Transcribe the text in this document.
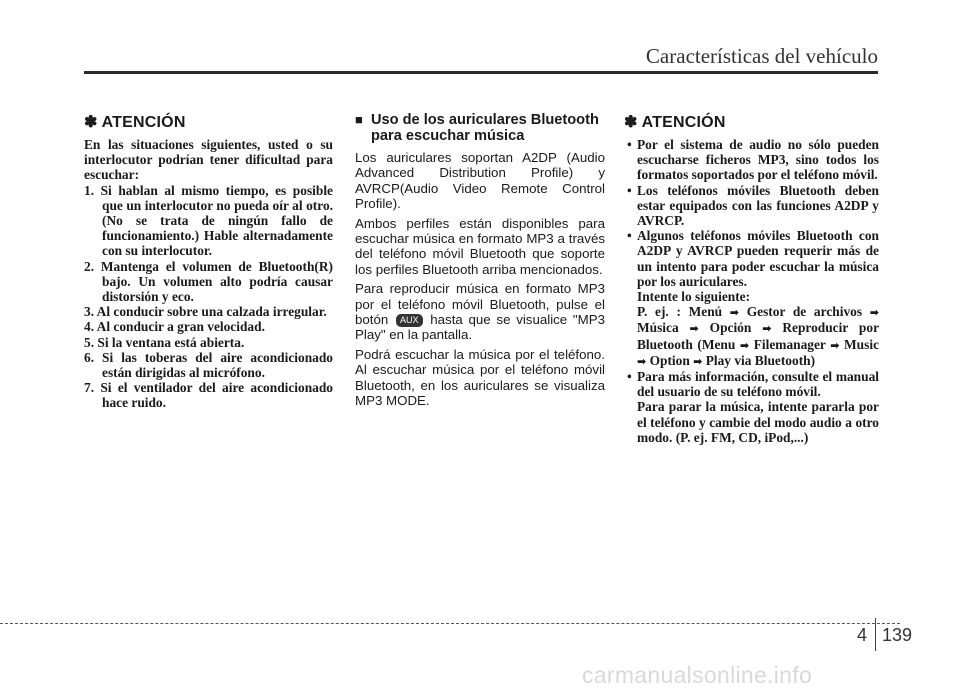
Características del vehículo
✽ ATENCIÓN

En las situaciones siguientes, usted o su interlocutor podrían tener dificultad para escuchar:

1. Si hablan al mismo tiempo, es posible que un interlocutor no pueda oír al otro. (No se trata de ningún fallo de funcionamiento.) Hable alternadamente con su interlocutor.
2. Mantenga el volumen de Bluetooth(R) bajo. Un volumen alto podría causar distorsión y eco.
3. Al conducir sobre una calzada irregular.
4. Al conducir a gran velocidad.
5. Si la ventana está abierta.
6. Si las toberas del aire acondicionado están dirigidas al micrófono.
7. Si el ventilador del aire acondicionado hace ruido.
■ Uso de los auriculares Bluetooth para escuchar música

Los auriculares soportan A2DP (Audio Advanced Distribution Profile) y AVRCP(Audio Video Remote Control Profile).

Ambos perfiles están disponibles para escuchar música en formato MP3 a través del teléfono móvil Bluetooth que soporte los perfiles Bluetooth arriba mencionados.

Para reproducir música en formato MP3 por el teléfono móvil Bluetooth, pulse el botón AUX hasta que se visualice "MP3 Play" en la pantalla.

Podrá escuchar la música por el teléfono. Al escuchar música por el teléfono móvil Bluetooth, en los auriculares se visualiza MP3 MODE.

✽ ATENCIÓN
• Por el sistema de audio no sólo pueden escucharse ficheros MP3, sino todos los formatos soportados por el teléfono móvil.
• Los teléfonos móviles Bluetooth deben estar equipados con las funciones A2DP y AVRCP.
• Algunos teléfonos móviles Bluetooth con A2DP y AVRCP pueden requerir más de un intento para poder escuchar la música por los auriculares.
Intente lo siguiente:
P. ej. : Menú ➡ Gestor de archivos ➡ Música ➡ Opción ➡ Reproducir por Bluetooth (Menu ➡ Filemanager ➡ Music ➡ Option ➡ Play via Bluetooth)
• Para más información, consulte el manual del usuario de su teléfono móvil.
Para parar la música, intente pararla por el teléfono y cambie del modo audio a otro modo. (P. ej. FM, CD, iPod,...)
4 139
carmanualsonline.info
